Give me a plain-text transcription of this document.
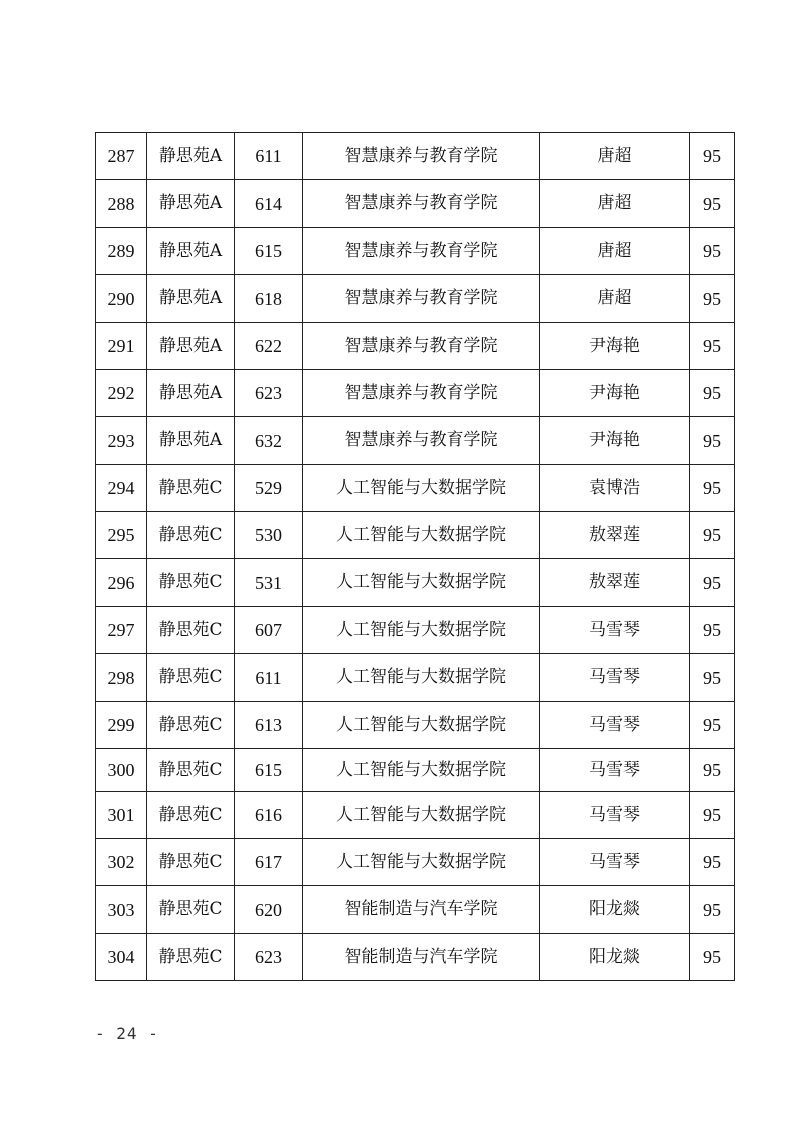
287	静思苑A	611	智慧康养与教育学院	唐超	95
288	静思苑A	614	智慧康养与教育学院	唐超	95
289	静思苑A	615	智慧康养与教育学院	唐超	95
290	静思苑A	618	智慧康养与教育学院	唐超	95
291	静思苑A	622	智慧康养与教育学院	尹海艳	95
292	静思苑A	623	智慧康养与教育学院	尹海艳	95
293	静思苑A	632	智慧康养与教育学院	尹海艳	95
294	静思苑C	529	人工智能与大数据学院	袁博浩	95
295	静思苑C	530	人工智能与大数据学院	敖翠莲	95
296	静思苑C	531	人工智能与大数据学院	敖翠莲	95
297	静思苑C	607	人工智能与大数据学院	马雪琴	95
298	静思苑C	611	人工智能与大数据学院	马雪琴	95
299	静思苑C	613	人工智能与大数据学院	马雪琴	95
300	静思苑C	615	人工智能与大数据学院	马雪琴	95
301	静思苑C	616	人工智能与大数据学院	马雪琴	95
302	静思苑C	617	人工智能与大数据学院	马雪琴	95
303	静思苑C	620	智能制造与汽车学院	阳龙燚	95
304	静思苑C	623	智能制造与汽车学院	阳龙燚	95
- 24 -
